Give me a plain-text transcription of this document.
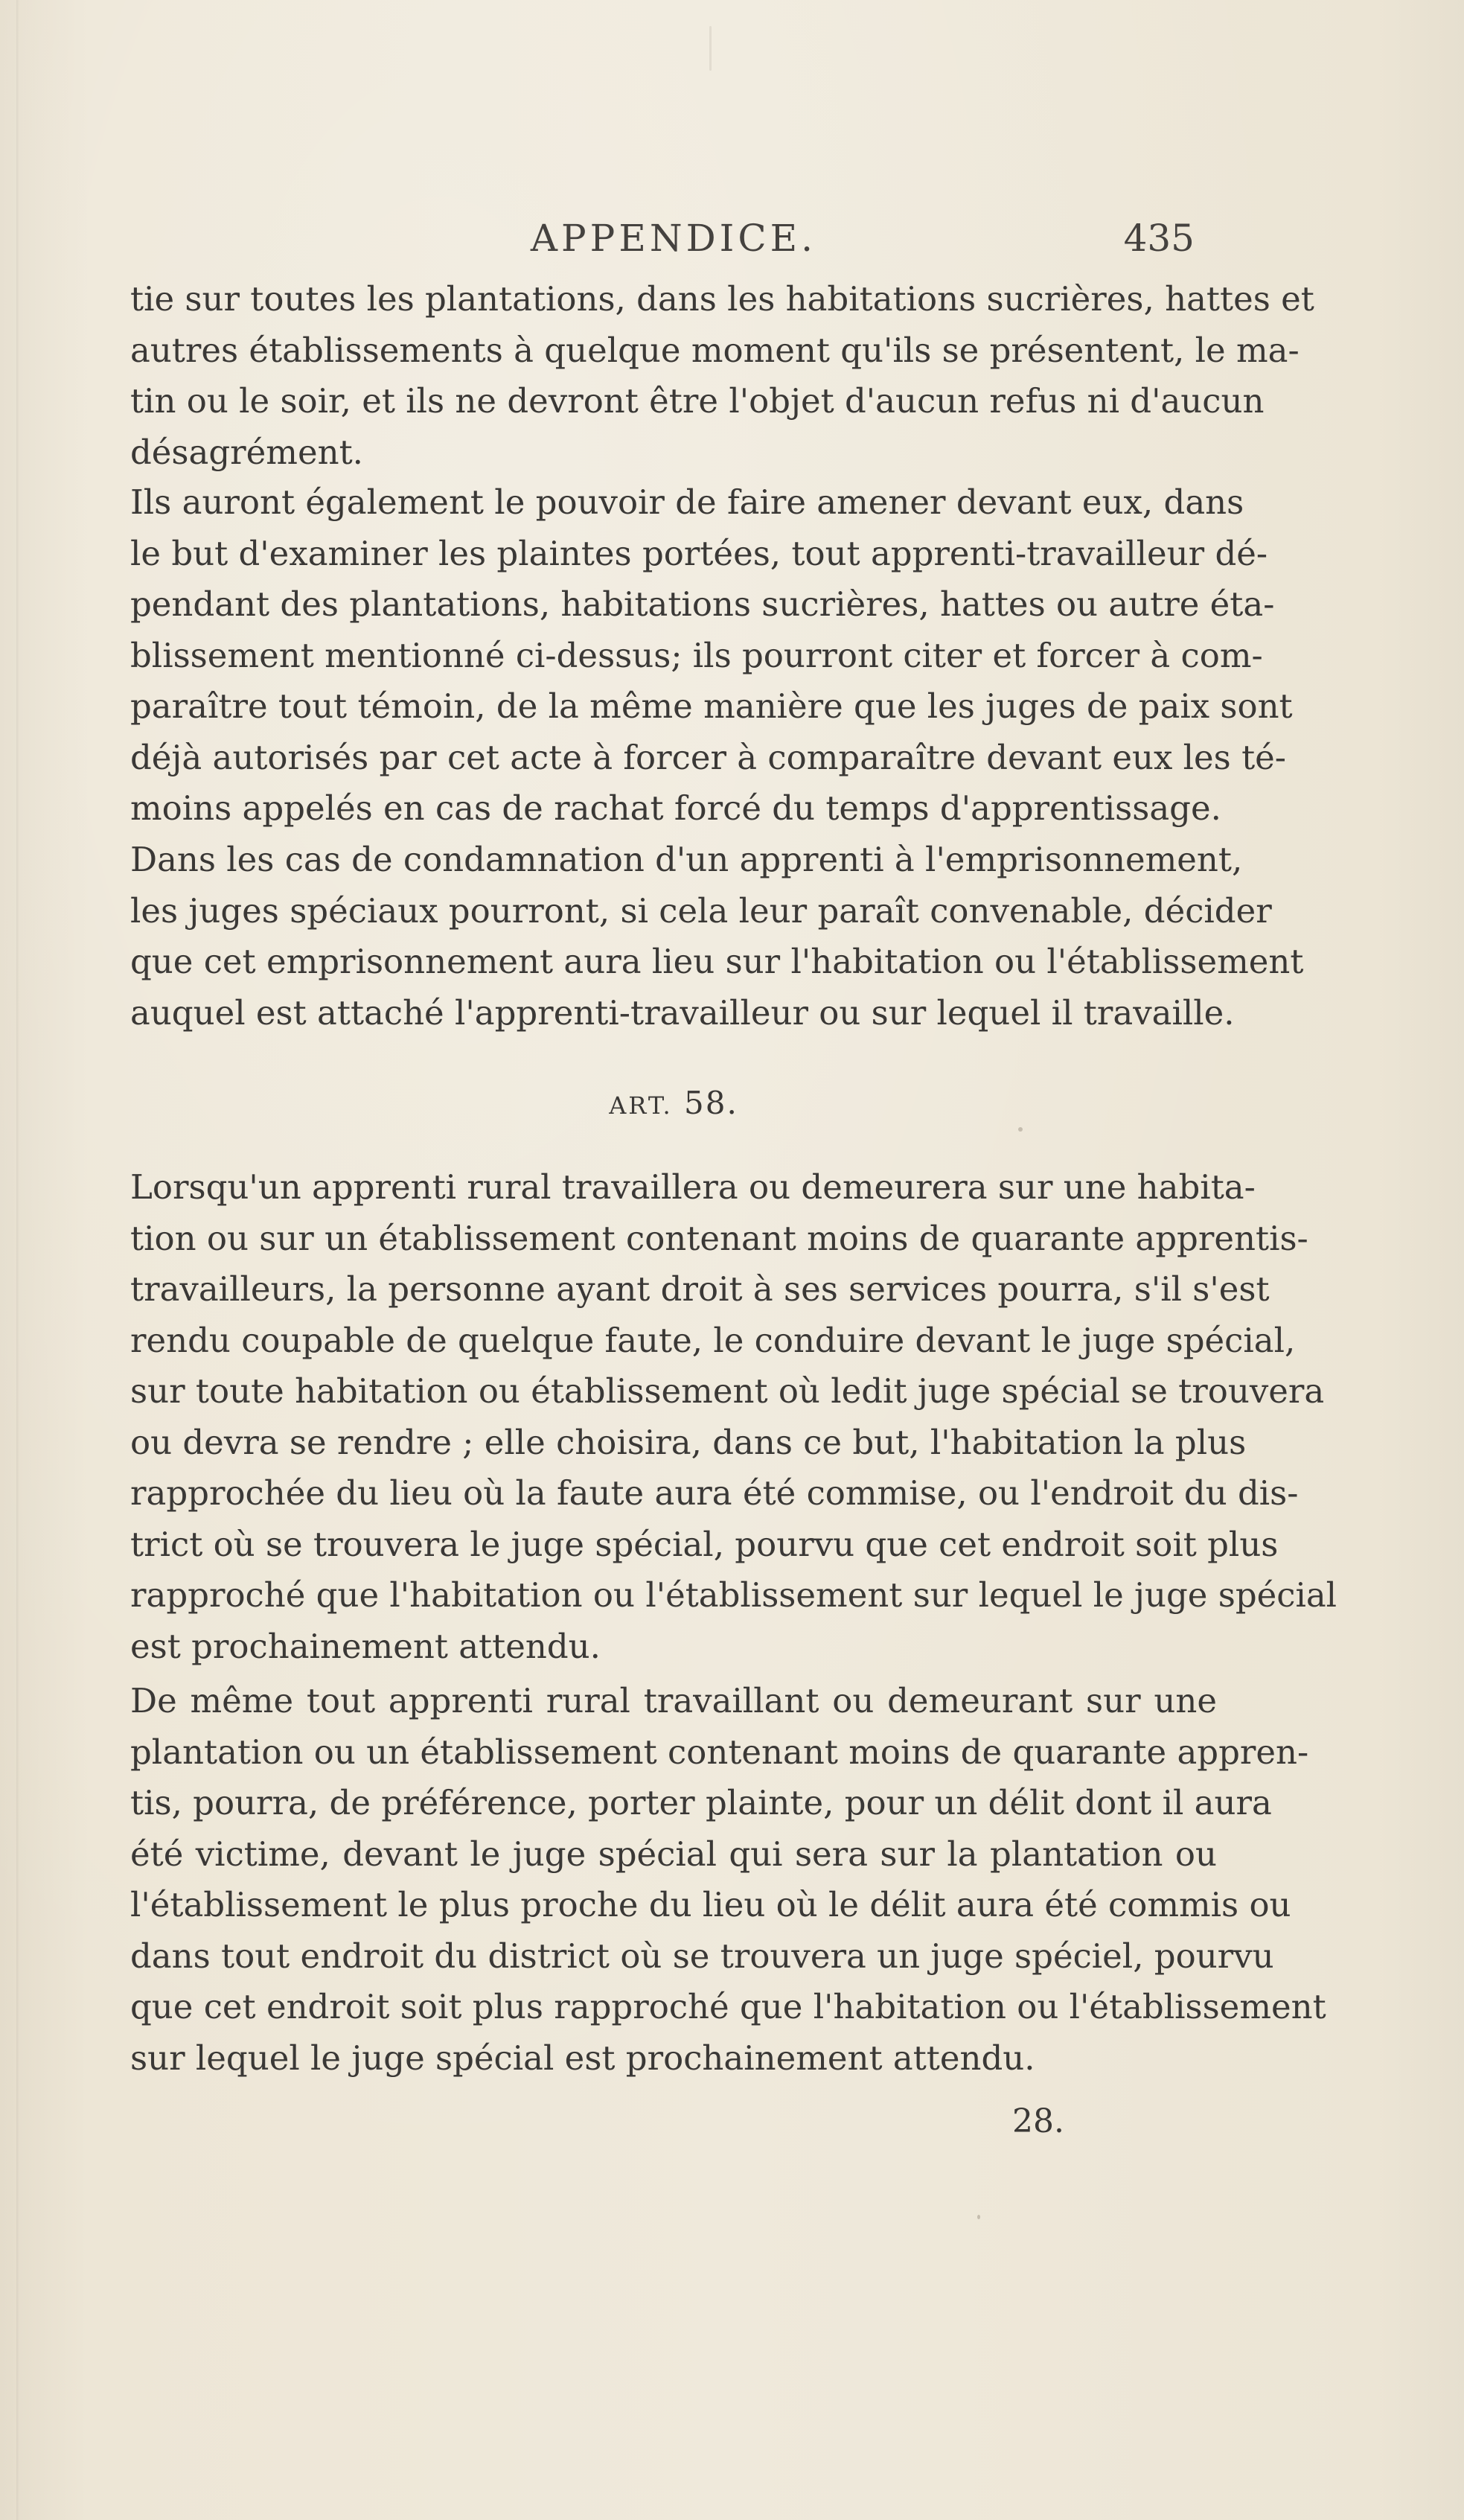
APPENDICE.	435
tie sur toutes les plantations, dans les habitations sucrières, hattes et
autres établissements à quelque moment qu'ils se présentent, le ma-
tin ou le soir, et ils ne devront être l'objet d'aucun refus ni d'aucun
désagrément.
Ils auront également le pouvoir de faire amener devant eux, dans
le but d'examiner les plaintes portées, tout apprenti-travailleur dé-
pendant des plantations, habitations sucrières, hattes ou autre éta-
blissement mentionné ci-dessus; ils pourront citer et forcer à com-
paraître tout témoin, de la même manière que les juges de paix sont
déjà autorisés par cet acte à forcer à comparaître devant eux les té-
moins appelés en cas de rachat forcé du temps d'apprentissage.
Dans les cas de condamnation d'un apprenti à l'emprisonnement,
les juges spéciaux pourront, si cela leur paraît convenable, décider
que cet emprisonnement aura lieu sur l'habitation ou l'établissement
auquel est attaché l'apprenti-travailleur ou sur lequel il travaille.
ART. 58.
Lorsqu'un apprenti rural travaillera ou demeurera sur une habita-
tion ou sur un établissement contenant moins de quarante apprentis-
travailleurs, la personne ayant droit à ses services pourra, s'il s'est
rendu coupable de quelque faute, le conduire devant le juge spécial,
sur toute habitation ou établissement où ledit juge spécial se trouvera
ou devra se rendre ; elle choisira, dans ce but, l'habitation la plus
rapprochée du lieu où la faute aura été commise, ou l'endroit du dis-
trict où se trouvera le juge spécial, pourvu que cet endroit soit plus
rapproché que l'habitation ou l'établissement sur lequel le juge spécial
est prochainement attendu.
De même tout apprenti rural travaillant ou demeurant sur une
plantation ou un établissement contenant moins de quarante appren-
tis, pourra, de préférence, porter plainte, pour un délit dont il aura
été victime, devant le juge spécial qui sera sur la plantation ou
l'établissement le plus proche du lieu où le délit aura été commis ou
dans tout endroit du district où se trouvera un juge spéciel, pourvu
que cet endroit soit plus rapproché que l'habitation ou l'établissement
sur lequel le juge spécial est prochainement attendu.
28.
